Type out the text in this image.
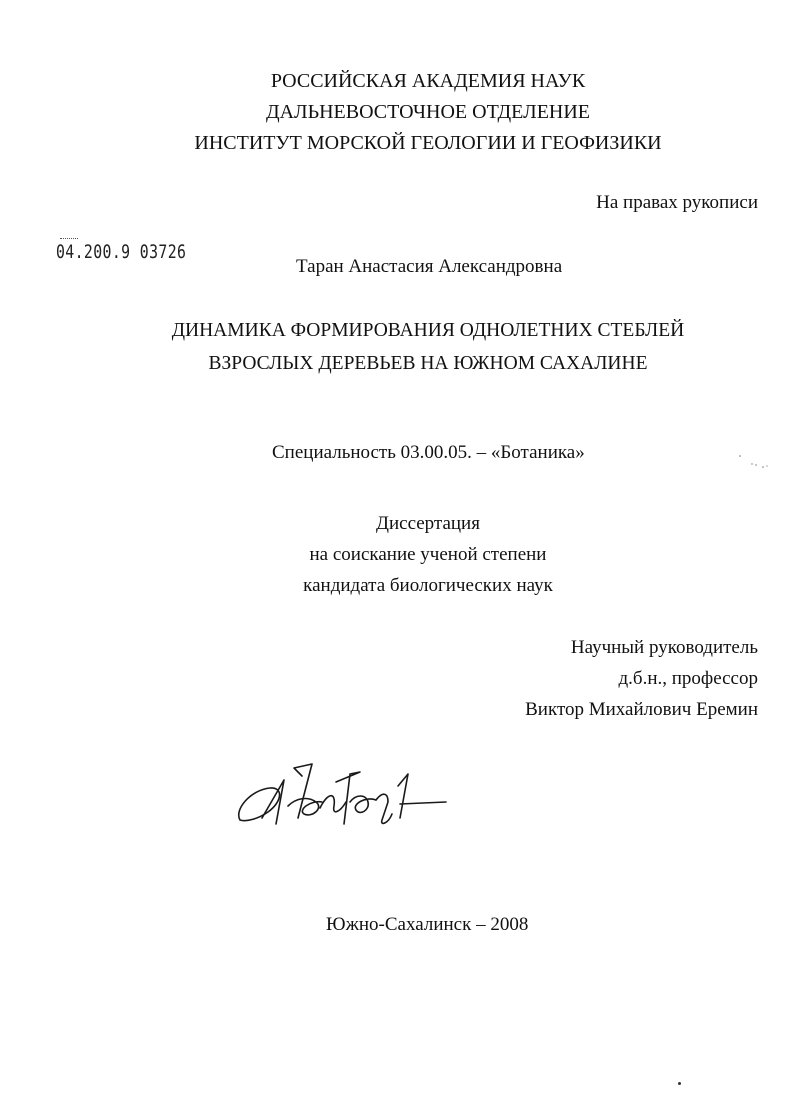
РОССИЙСКАЯ АКАДЕМИЯ НАУК
ДАЛЬНЕВОСТОЧНОЕ ОТДЕЛЕНИЕ
ИНСТИТУТ МОРСКОЙ ГЕОЛОГИИ И ГЕОФИЗИКИ
На правах рукописи
04.200.9 03726
Таран Анастасия Александровна
ДИНАМИКА ФОРМИРОВАНИЯ ОДНОЛЕТНИХ СТЕБЛЕЙ
ВЗРОСЛЫХ ДЕРЕВЬЕВ НА ЮЖНОМ САХАЛИНЕ
Специальность 03.00.05. – «Ботаника»
Диссертация
на соискание ученой степени
кандидата биологических наук
Научный руководитель
д.б.н., профессор
Виктор Михайлович Еремин
Южно-Сахалинск – 2008
